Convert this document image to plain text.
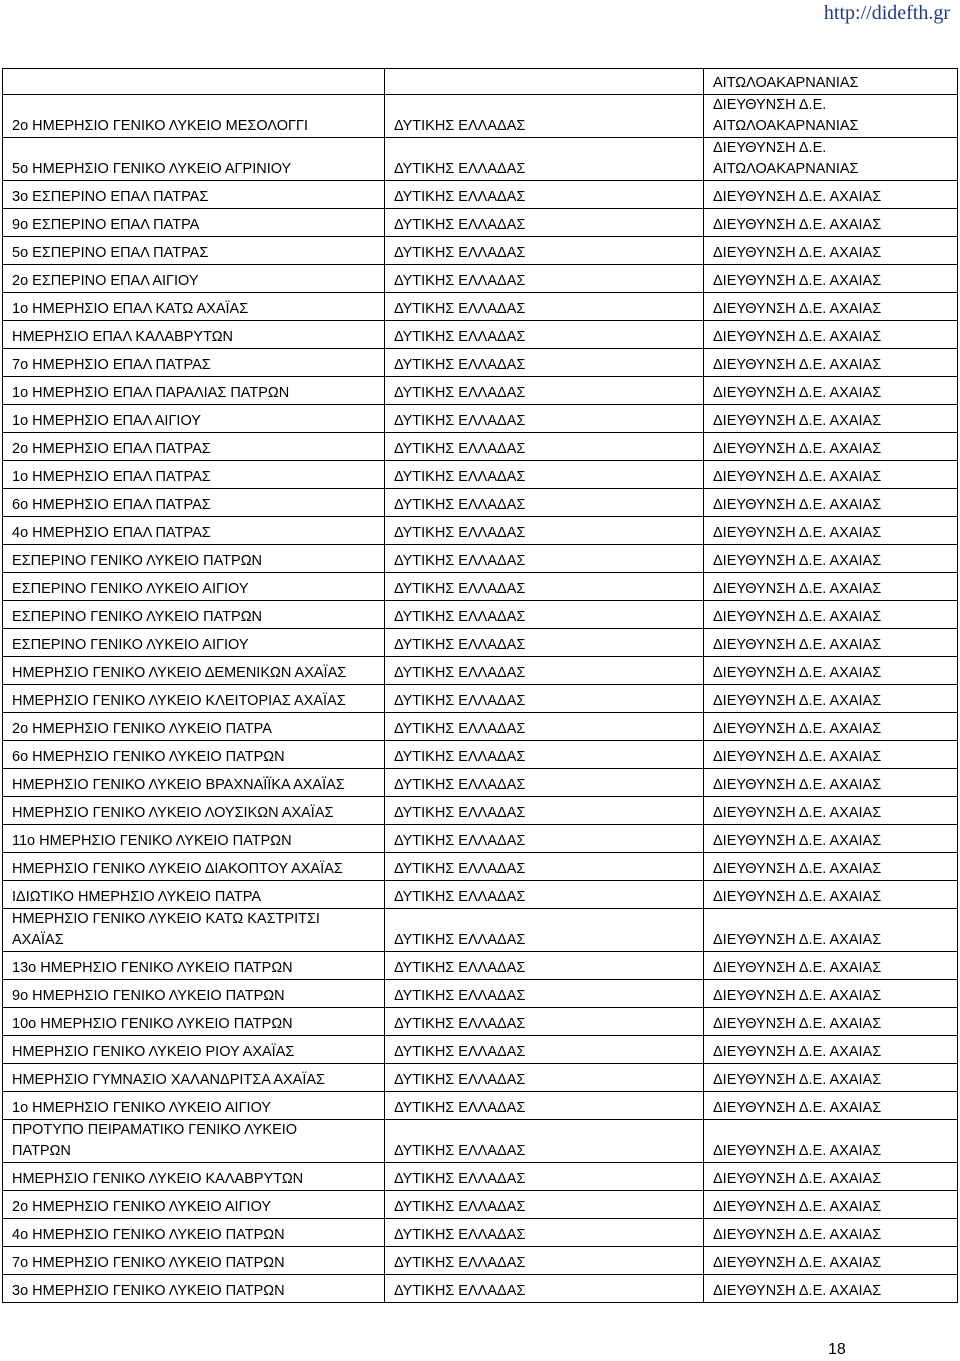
http://didefth.gr
		ΑΙΤΩΛΟΑΚΑΡΝΑΝΙΑΣ
2ο ΗΜΕΡΗΣΙΟ ΓΕΝΙΚΟ ΛΥΚΕΙΟ ΜΕΣΟΛΟΓΓΙ	ΔΥΤΙΚΗΣ ΕΛΛΑΔΑΣ	ΔΙΕΥΘΥΝΣΗ Δ.Ε.
ΑΙΤΩΛΟΑΚΑΡΝΑΝΙΑΣ
5ο ΗΜΕΡΗΣΙΟ ΓΕΝΙΚΟ ΛΥΚΕΙΟ ΑΓΡΙΝΙΟΥ	ΔΥΤΙΚΗΣ ΕΛΛΑΔΑΣ	ΔΙΕΥΘΥΝΣΗ Δ.Ε.
ΑΙΤΩΛΟΑΚΑΡΝΑΝΙΑΣ
3ο ΕΣΠΕΡΙΝΟ ΕΠΑΛ ΠΑΤΡΑΣ	ΔΥΤΙΚΗΣ ΕΛΛΑΔΑΣ	ΔΙΕΥΘΥΝΣΗ Δ.Ε. ΑΧΑΙΑΣ
9ο ΕΣΠΕΡΙΝΟ ΕΠΑΛ ΠΑΤΡΑ	ΔΥΤΙΚΗΣ ΕΛΛΑΔΑΣ	ΔΙΕΥΘΥΝΣΗ Δ.Ε. ΑΧΑΙΑΣ
5ο ΕΣΠΕΡΙΝΟ ΕΠΑΛ ΠΑΤΡΑΣ	ΔΥΤΙΚΗΣ ΕΛΛΑΔΑΣ	ΔΙΕΥΘΥΝΣΗ Δ.Ε. ΑΧΑΙΑΣ
2ο ΕΣΠΕΡΙΝΟ ΕΠΑΛ ΑΙΓΙΟΥ	ΔΥΤΙΚΗΣ ΕΛΛΑΔΑΣ	ΔΙΕΥΘΥΝΣΗ Δ.Ε. ΑΧΑΙΑΣ
1ο ΗΜΕΡΗΣΙΟ ΕΠΑΛ ΚΑΤΩ ΑΧΑΪΑΣ	ΔΥΤΙΚΗΣ ΕΛΛΑΔΑΣ	ΔΙΕΥΘΥΝΣΗ Δ.Ε. ΑΧΑΙΑΣ
ΗΜΕΡΗΣΙΟ ΕΠΑΛ ΚΑΛΑΒΡΥΤΩΝ	ΔΥΤΙΚΗΣ ΕΛΛΑΔΑΣ	ΔΙΕΥΘΥΝΣΗ Δ.Ε. ΑΧΑΙΑΣ
7ο ΗΜΕΡΗΣΙΟ ΕΠΑΛ ΠΑΤΡΑΣ	ΔΥΤΙΚΗΣ ΕΛΛΑΔΑΣ	ΔΙΕΥΘΥΝΣΗ Δ.Ε. ΑΧΑΙΑΣ
1ο ΗΜΕΡΗΣΙΟ ΕΠΑΛ ΠΑΡΑΛΙΑΣ ΠΑΤΡΩΝ	ΔΥΤΙΚΗΣ ΕΛΛΑΔΑΣ	ΔΙΕΥΘΥΝΣΗ Δ.Ε. ΑΧΑΙΑΣ
1ο ΗΜΕΡΗΣΙΟ ΕΠΑΛ ΑΙΓΙΟΥ	ΔΥΤΙΚΗΣ ΕΛΛΑΔΑΣ	ΔΙΕΥΘΥΝΣΗ Δ.Ε. ΑΧΑΙΑΣ
2ο ΗΜΕΡΗΣΙΟ ΕΠΑΛ ΠΑΤΡΑΣ	ΔΥΤΙΚΗΣ ΕΛΛΑΔΑΣ	ΔΙΕΥΘΥΝΣΗ Δ.Ε. ΑΧΑΙΑΣ
1ο ΗΜΕΡΗΣΙΟ ΕΠΑΛ ΠΑΤΡΑΣ	ΔΥΤΙΚΗΣ ΕΛΛΑΔΑΣ	ΔΙΕΥΘΥΝΣΗ Δ.Ε. ΑΧΑΙΑΣ
6ο ΗΜΕΡΗΣΙΟ ΕΠΑΛ ΠΑΤΡΑΣ	ΔΥΤΙΚΗΣ ΕΛΛΑΔΑΣ	ΔΙΕΥΘΥΝΣΗ Δ.Ε. ΑΧΑΙΑΣ
4ο ΗΜΕΡΗΣΙΟ ΕΠΑΛ ΠΑΤΡΑΣ	ΔΥΤΙΚΗΣ ΕΛΛΑΔΑΣ	ΔΙΕΥΘΥΝΣΗ Δ.Ε. ΑΧΑΙΑΣ
ΕΣΠΕΡΙΝΟ ΓΕΝΙΚΟ ΛΥΚΕΙΟ ΠΑΤΡΩΝ	ΔΥΤΙΚΗΣ ΕΛΛΑΔΑΣ	ΔΙΕΥΘΥΝΣΗ Δ.Ε. ΑΧΑΙΑΣ
ΕΣΠΕΡΙΝΟ ΓΕΝΙΚΟ ΛΥΚΕΙΟ ΑΙΓΙΟΥ	ΔΥΤΙΚΗΣ ΕΛΛΑΔΑΣ	ΔΙΕΥΘΥΝΣΗ Δ.Ε. ΑΧΑΙΑΣ
ΕΣΠΕΡΙΝΟ ΓΕΝΙΚΟ ΛΥΚΕΙΟ ΠΑΤΡΩΝ	ΔΥΤΙΚΗΣ ΕΛΛΑΔΑΣ	ΔΙΕΥΘΥΝΣΗ Δ.Ε. ΑΧΑΙΑΣ
ΕΣΠΕΡΙΝΟ ΓΕΝΙΚΟ ΛΥΚΕΙΟ ΑΙΓΙΟΥ	ΔΥΤΙΚΗΣ ΕΛΛΑΔΑΣ	ΔΙΕΥΘΥΝΣΗ Δ.Ε. ΑΧΑΙΑΣ
ΗΜΕΡΗΣΙΟ ΓΕΝΙΚΟ ΛΥΚΕΙΟ ΔΕΜΕΝΙΚΩΝ ΑΧΑΪΑΣ	ΔΥΤΙΚΗΣ ΕΛΛΑΔΑΣ	ΔΙΕΥΘΥΝΣΗ Δ.Ε. ΑΧΑΙΑΣ
ΗΜΕΡΗΣΙΟ ΓΕΝΙΚΟ ΛΥΚΕΙΟ ΚΛΕΙΤΟΡΙΑΣ ΑΧΑΪΑΣ	ΔΥΤΙΚΗΣ ΕΛΛΑΔΑΣ	ΔΙΕΥΘΥΝΣΗ Δ.Ε. ΑΧΑΙΑΣ
2ο ΗΜΕΡΗΣΙΟ ΓΕΝΙΚΟ ΛΥΚΕΙΟ ΠΑΤΡΑ	ΔΥΤΙΚΗΣ ΕΛΛΑΔΑΣ	ΔΙΕΥΘΥΝΣΗ Δ.Ε. ΑΧΑΙΑΣ
6ο ΗΜΕΡΗΣΙΟ ΓΕΝΙΚΟ ΛΥΚΕΙΟ ΠΑΤΡΩΝ	ΔΥΤΙΚΗΣ ΕΛΛΑΔΑΣ	ΔΙΕΥΘΥΝΣΗ Δ.Ε. ΑΧΑΙΑΣ
ΗΜΕΡΗΣΙΟ ΓΕΝΙΚΟ ΛΥΚΕΙΟ ΒΡΑΧΝΑΪΪΚΑ ΑΧΑΪΑΣ	ΔΥΤΙΚΗΣ ΕΛΛΑΔΑΣ	ΔΙΕΥΘΥΝΣΗ Δ.Ε. ΑΧΑΙΑΣ
ΗΜΕΡΗΣΙΟ ΓΕΝΙΚΟ ΛΥΚΕΙΟ ΛΟΥΣΙΚΩΝ ΑΧΑΪΑΣ	ΔΥΤΙΚΗΣ ΕΛΛΑΔΑΣ	ΔΙΕΥΘΥΝΣΗ Δ.Ε. ΑΧΑΙΑΣ
11ο ΗΜΕΡΗΣΙΟ ΓΕΝΙΚΟ ΛΥΚΕΙΟ ΠΑΤΡΩΝ	ΔΥΤΙΚΗΣ ΕΛΛΑΔΑΣ	ΔΙΕΥΘΥΝΣΗ Δ.Ε. ΑΧΑΙΑΣ
ΗΜΕΡΗΣΙΟ ΓΕΝΙΚΟ ΛΥΚΕΙΟ ΔΙΑΚΟΠΤΟΥ ΑΧΑΪΑΣ	ΔΥΤΙΚΗΣ ΕΛΛΑΔΑΣ	ΔΙΕΥΘΥΝΣΗ Δ.Ε. ΑΧΑΙΑΣ
ΙΔΙΩΤΙΚΟ ΗΜΕΡΗΣΙΟ ΛΥΚΕΙΟ ΠΑΤΡΑ	ΔΥΤΙΚΗΣ ΕΛΛΑΔΑΣ	ΔΙΕΥΘΥΝΣΗ Δ.Ε. ΑΧΑΙΑΣ
ΗΜΕΡΗΣΙΟ ΓΕΝΙΚΟ ΛΥΚΕΙΟ ΚΑΤΩ ΚΑΣΤΡΙΤΣΙ
ΑΧΑΪΑΣ	ΔΥΤΙΚΗΣ ΕΛΛΑΔΑΣ	ΔΙΕΥΘΥΝΣΗ Δ.Ε. ΑΧΑΙΑΣ
13ο ΗΜΕΡΗΣΙΟ ΓΕΝΙΚΟ ΛΥΚΕΙΟ ΠΑΤΡΩΝ	ΔΥΤΙΚΗΣ ΕΛΛΑΔΑΣ	ΔΙΕΥΘΥΝΣΗ Δ.Ε. ΑΧΑΙΑΣ
9ο ΗΜΕΡΗΣΙΟ ΓΕΝΙΚΟ ΛΥΚΕΙΟ ΠΑΤΡΩΝ	ΔΥΤΙΚΗΣ ΕΛΛΑΔΑΣ	ΔΙΕΥΘΥΝΣΗ Δ.Ε. ΑΧΑΙΑΣ
10ο ΗΜΕΡΗΣΙΟ ΓΕΝΙΚΟ ΛΥΚΕΙΟ ΠΑΤΡΩΝ	ΔΥΤΙΚΗΣ ΕΛΛΑΔΑΣ	ΔΙΕΥΘΥΝΣΗ Δ.Ε. ΑΧΑΙΑΣ
ΗΜΕΡΗΣΙΟ ΓΕΝΙΚΟ ΛΥΚΕΙΟ ΡΙΟΥ ΑΧΑΪΑΣ	ΔΥΤΙΚΗΣ ΕΛΛΑΔΑΣ	ΔΙΕΥΘΥΝΣΗ Δ.Ε. ΑΧΑΙΑΣ
ΗΜΕΡΗΣΙΟ ΓΥΜΝΑΣΙΟ ΧΑΛΑΝΔΡΙΤΣΑ ΑΧΑΪΑΣ	ΔΥΤΙΚΗΣ ΕΛΛΑΔΑΣ	ΔΙΕΥΘΥΝΣΗ Δ.Ε. ΑΧΑΙΑΣ
1ο ΗΜΕΡΗΣΙΟ ΓΕΝΙΚΟ ΛΥΚΕΙΟ ΑΙΓΙΟΥ	ΔΥΤΙΚΗΣ ΕΛΛΑΔΑΣ	ΔΙΕΥΘΥΝΣΗ Δ.Ε. ΑΧΑΙΑΣ
ΠΡΟΤΥΠΟ ΠΕΙΡΑΜΑΤΙΚΟ ΓΕΝΙΚΟ ΛΥΚΕΙΟ
ΠΑΤΡΩΝ	ΔΥΤΙΚΗΣ ΕΛΛΑΔΑΣ	ΔΙΕΥΘΥΝΣΗ Δ.Ε. ΑΧΑΙΑΣ
ΗΜΕΡΗΣΙΟ ΓΕΝΙΚΟ ΛΥΚΕΙΟ ΚΑΛΑΒΡΥΤΩΝ	ΔΥΤΙΚΗΣ ΕΛΛΑΔΑΣ	ΔΙΕΥΘΥΝΣΗ Δ.Ε. ΑΧΑΙΑΣ
2ο ΗΜΕΡΗΣΙΟ ΓΕΝΙΚΟ ΛΥΚΕΙΟ ΑΙΓΙΟΥ	ΔΥΤΙΚΗΣ ΕΛΛΑΔΑΣ	ΔΙΕΥΘΥΝΣΗ Δ.Ε. ΑΧΑΙΑΣ
4ο ΗΜΕΡΗΣΙΟ ΓΕΝΙΚΟ ΛΥΚΕΙΟ ΠΑΤΡΩΝ	ΔΥΤΙΚΗΣ ΕΛΛΑΔΑΣ	ΔΙΕΥΘΥΝΣΗ Δ.Ε. ΑΧΑΙΑΣ
7ο ΗΜΕΡΗΣΙΟ ΓΕΝΙΚΟ ΛΥΚΕΙΟ ΠΑΤΡΩΝ	ΔΥΤΙΚΗΣ ΕΛΛΑΔΑΣ	ΔΙΕΥΘΥΝΣΗ Δ.Ε. ΑΧΑΙΑΣ
3ο ΗΜΕΡΗΣΙΟ ΓΕΝΙΚΟ ΛΥΚΕΙΟ ΠΑΤΡΩΝ	ΔΥΤΙΚΗΣ ΕΛΛΑΔΑΣ	ΔΙΕΥΘΥΝΣΗ Δ.Ε. ΑΧΑΙΑΣ
18
